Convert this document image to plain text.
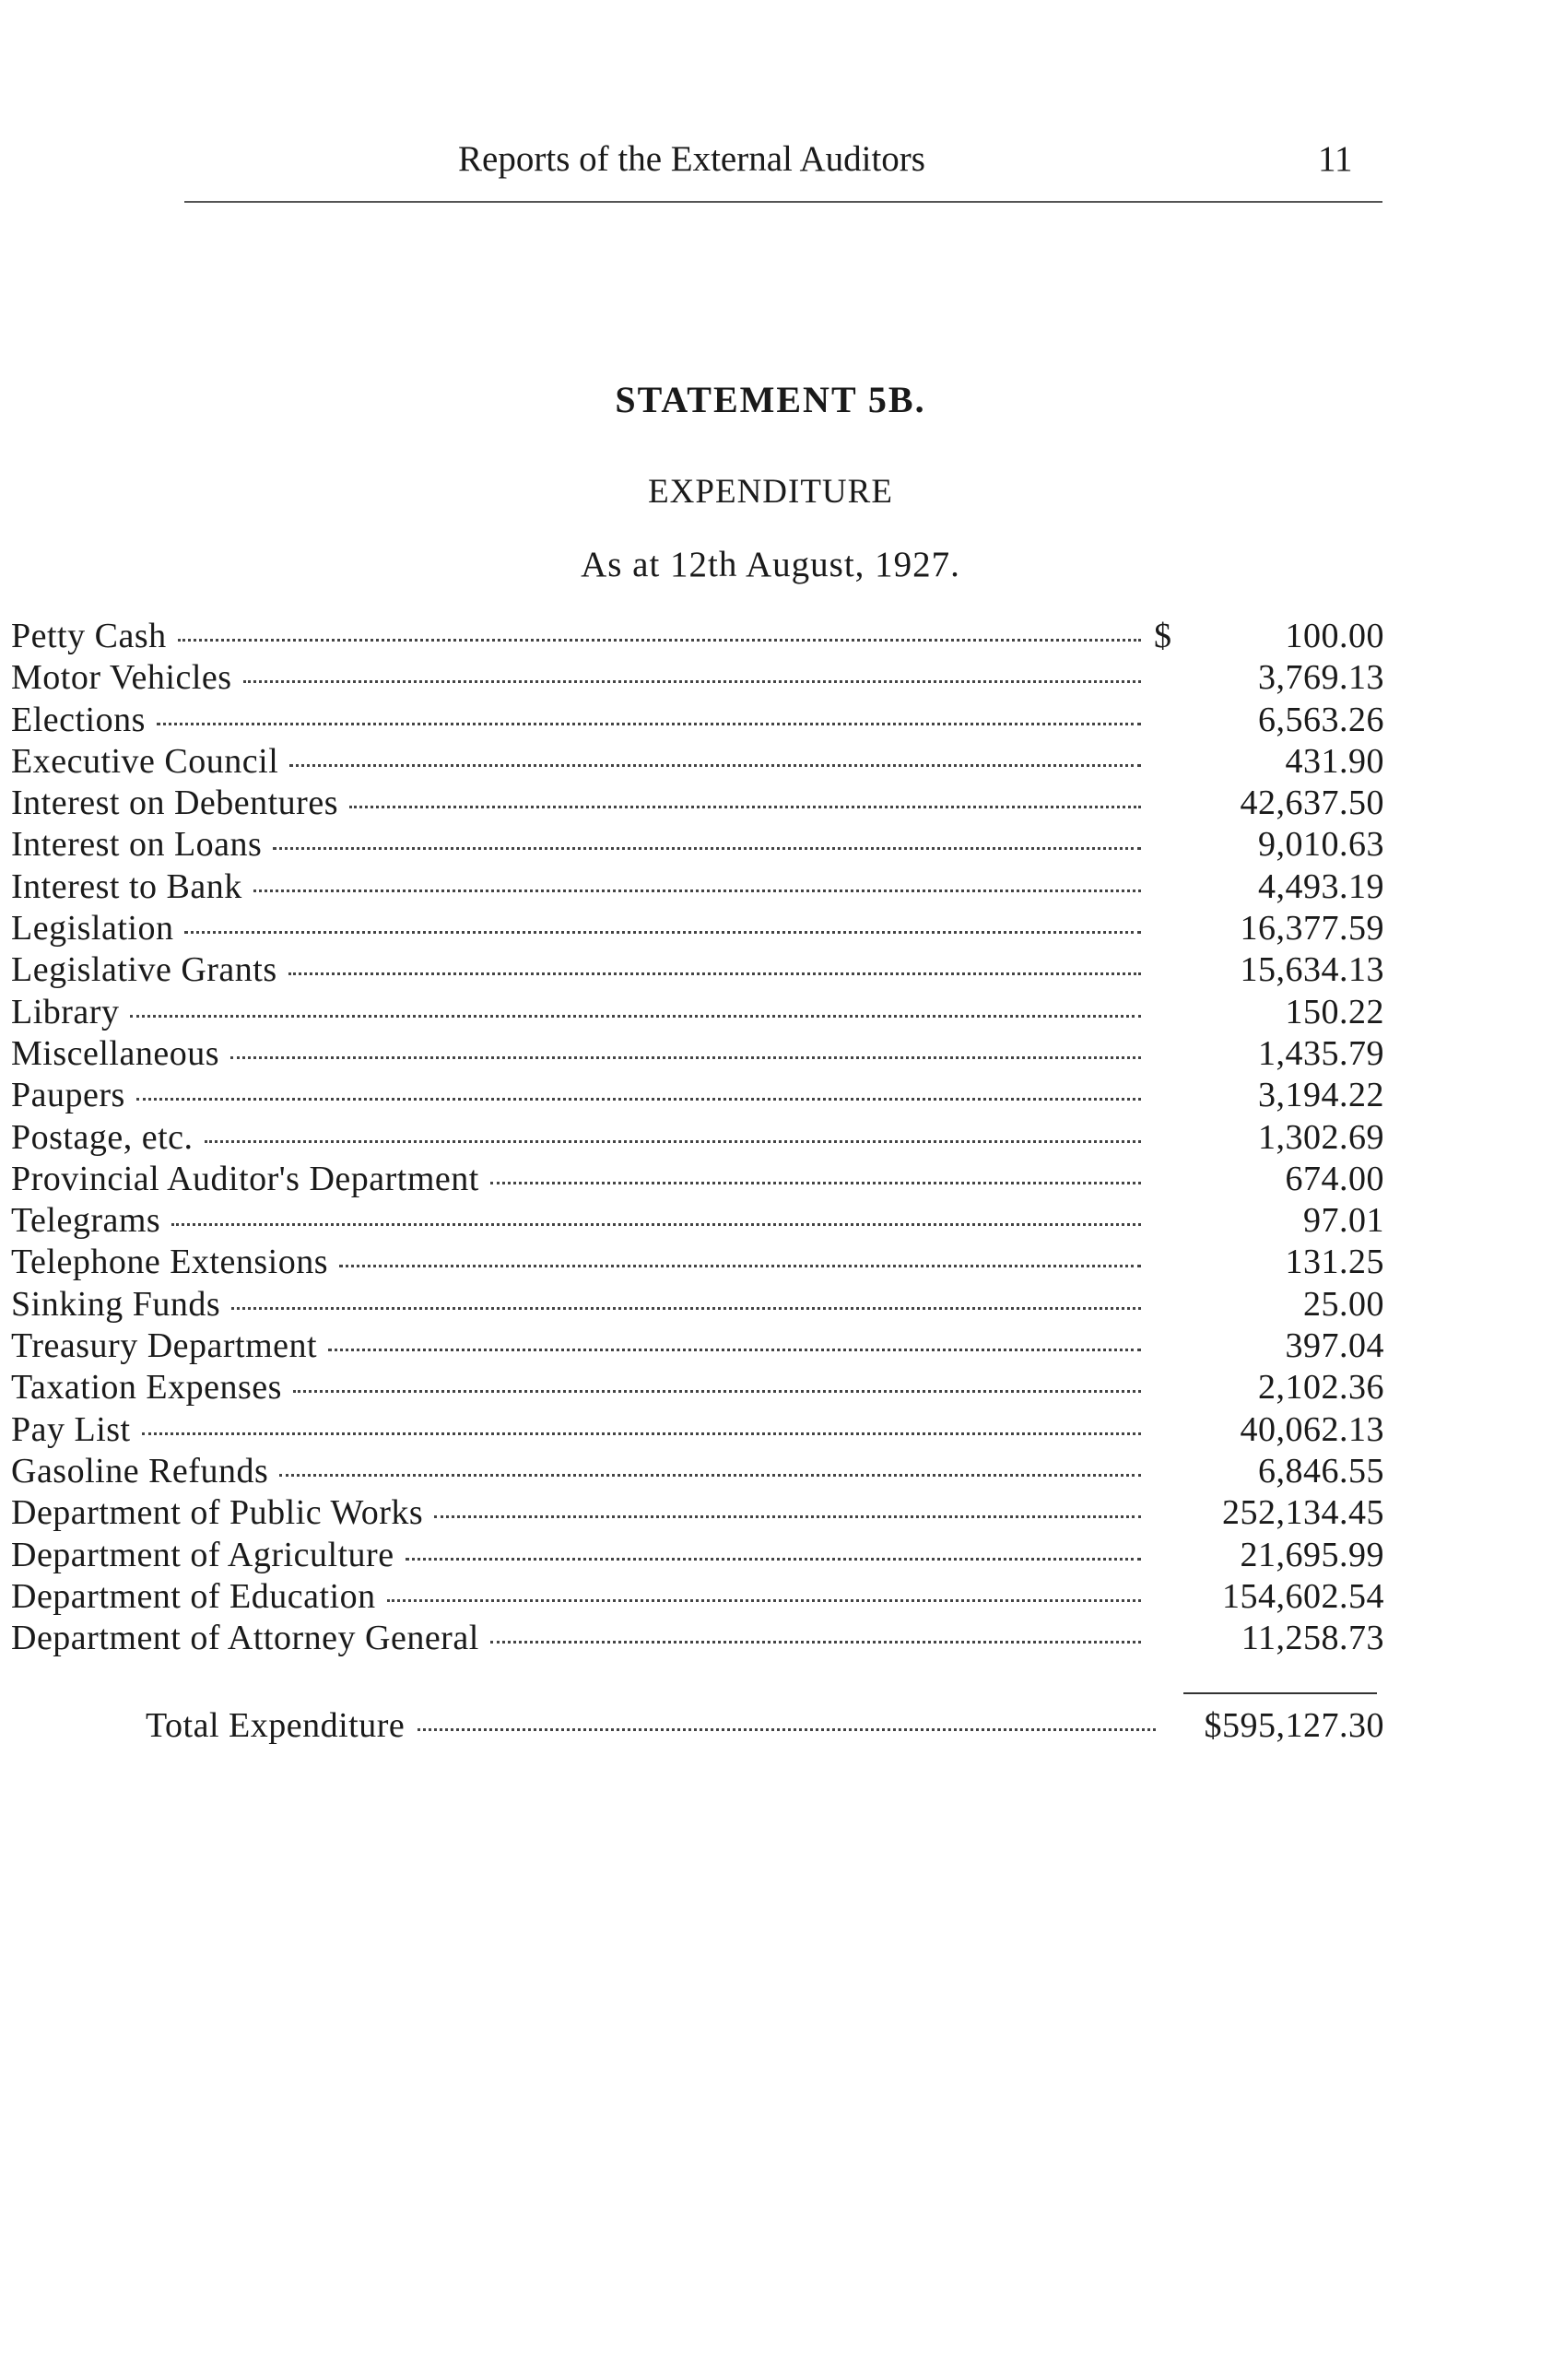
Reports of the External Auditors	11
STATEMENT 5B.
EXPENDITURE
As at 12th August, 1927.
Petty Cash	$	100.00
Motor Vehicles	3,769.13
Elections	6,563.26
Executive Council	431.90
Interest on Debentures	42,637.50
Interest on Loans	9,010.63
Interest to Bank	4,493.19
Legislation	16,377.59
Legislative Grants	15,634.13
Library	150.22
Miscellaneous	1,435.79
Paupers	3,194.22
Postage, etc.	1,302.69
Provincial Auditor's Department	674.00
Telegrams	97.01
Telephone Extensions	131.25
Sinking Funds	25.00
Treasury Department	397.04
Taxation Expenses	2,102.36
Pay List	40,062.13
Gasoline Refunds	6,846.55
Department of Public Works	252,134.45
Department of Agriculture	21,695.99
Department of Education	154,602.54
Department of Attorney General	11,258.73
Total Expenditure	$595,127.30
